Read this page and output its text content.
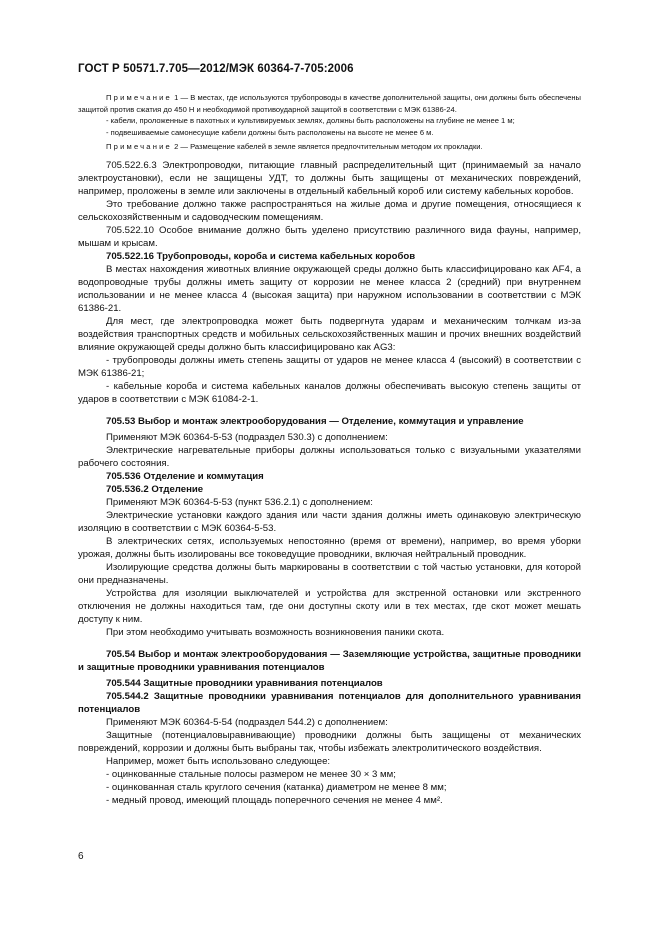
ГОСТ Р 50571.7.705—2012/МЭК 60364-7-705:2006

Примечание 1 — В местах, где используются трубопроводы в качестве дополнительной защиты, они должны быть обеспечены защитой против сжатия до 450 Н и необходимой противоударной защитой в соответствии с МЭК 61386-24.

- кабели, проложенные в пахотных и культивируемых землях, должны быть расположены на глубине не менее 1 м;

- подвешиваемые самонесущие кабели должны быть расположены на высоте не менее 6 м.

Примечание 2 — Размещение кабелей в земле является предпочтительным методом их прокладки.

705.522.6.3 Электропроводки, питающие главный распределительный щит (принимаемый за начало электроустановки), если не защищены УДТ, то должны быть защищены от механических повреждений, например, проложены в земле или заключены в отдельный кабельный короб или систему кабельных коробов.

Это требование должно также распространяться на жилые дома и другие помещения, относящиеся к сельскохозяйственным и садоводческим помещениям.

705.522.10 Особое внимание должно быть уделено присутствию различного вида фауны, например, мышам и крысам.

705.522.16 Трубопроводы, короба и система кабельных коробов

В местах нахождения животных влияние окружающей среды должно быть классифицировано как AF4, а водопроводные трубы должны иметь защиту от коррозии не менее класса 2 (средний) при внутреннем использовании и не менее класса 4 (высокая защита) при наружном использовании в соответствии с МЭК 61386-21.

Для мест, где электропроводка может быть подвергнута ударам и механическим толчкам из-за воздействия транспортных средств и мобильных сельскохозяйственных машин и прочих внешних воздействий влияние окружающей среды должно быть классифицировано как AG3:

- трубопроводы должны иметь степень защиты от ударов не менее класса 4 (высокий) в соответствии с МЭК 61386-21;

- кабельные короба и система кабельных каналов должны обеспечивать высокую степень защиты от ударов в соответствии с МЭК 61084-2-1.

705.53 Выбор и монтаж электрооборудования — Отделение, коммутация и управление

Применяют МЭК 60364-5-53 (подраздел 530.3) с дополнением:

Электрические нагревательные приборы должны использоваться только с визуальными указателями рабочего состояния.

705.536 Отделение и коммутация

705.536.2 Отделение

Применяют МЭК 60364-5-53 (пункт 536.2.1) с дополнением:

Электрические установки каждого здания или части здания должны иметь одинаковую электрическую изоляцию в соответствии с МЭК 60364-5-53.

В электрических сетях, используемых непостоянно (время от времени), например, во время уборки урожая, должны быть изолированы все токоведущие проводники, включая нейтральный проводник.

Изолирующие средства должны быть маркированы в соответствии с той частью установки, для которой они предназначены.

Устройства для изоляции выключателей и устройства для экстренной остановки или экстренного отключения не должны находиться там, где они доступны скоту или в тех местах, где скот может мешать доступу к ним.

При этом необходимо учитывать возможность возникновения паники скота.

705.54 Выбор и монтаж электрооборудования — Заземляющие устройства, защитные проводники и защитные проводники уравнивания потенциалов

705.544 Защитные проводники уравнивания потенциалов

705.544.2 Защитные проводники уравнивания потенциалов для дополнительного уравнивания потенциалов

Применяют МЭК 60364-5-54 (подраздел 544.2) с дополнением:

Защитные (потенциаловыравнивающие) проводники должны быть защищены от механических повреждений, коррозии и должны быть выбраны так, чтобы избежать электролитического воздействия.

Например, может быть использовано следующее:

- оцинкованные стальные полосы размером не менее 30 × 3 мм;

- оцинкованная сталь круглого сечения (катанка) диаметром не менее 8 мм;

- медный провод, имеющий площадь поперечного сечения не менее 4 мм².

6
